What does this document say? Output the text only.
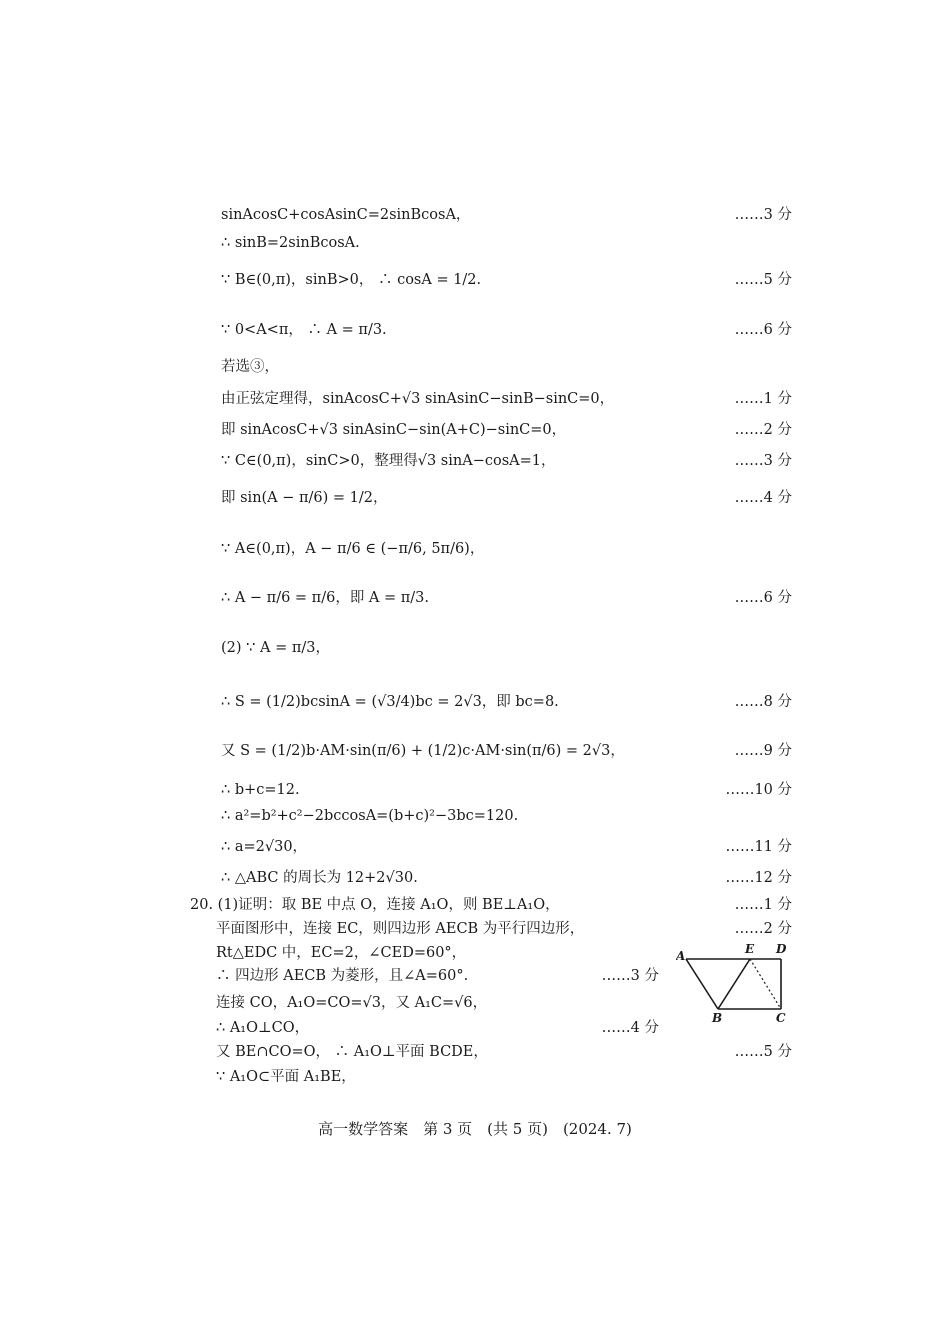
sinAcosC+cosAsinC=2sinBcosA，	……3 分
∴ sinB=2sinBcosA.
∵ B∈(0,π)，sinB>0， ∴ cosA = 1/2.	……5 分
∵ 0<A<π， ∴ A = π/3.	……6 分
若选③，
由正弦定理得，sinAcosC+√3 sinAsinC−sinB−sinC=0，	……1 分
即 sinAcosC+√3 sinAsinC−sin(A+C)−sinC=0，	……2 分
∵ C∈(0,π)，sinC>0，整理得√3 sinA−cosA=1，	……3 分
即 sin(A − π/6) = 1/2，	……4 分
∵ A∈(0,π)，A − π/6 ∈ (−π/6, 5π/6)，
∴ A − π/6 = π/6，即 A = π/3.	……6 分
(2) ∵ A = π/3，
∴ S = (1/2)bcsinA = (√3/4)bc = 2√3，即 bc=8.	……8 分
又 S = (1/2)b·AM·sin(π/6) + (1/2)c·AM·sin(π/6) = 2√3，	……9 分
∴ b+c=12.	……10 分
∴ a²=b²+c²−2bccosA=(b+c)²−3bc=120.
∴ a=2√30，	……11 分
∴ △ABC 的周长为 12+2√30.	……12 分
20. (1)证明：取 BE 中点 O，连接 A₁O，则 BE⊥A₁O，	……1 分
平面图形中，连接 EC，则四边形 AECB 为平行四边形，	……2 分
Rt△EDC 中，EC=2，∠CED=60°，
∴ 四边形 AECB 为菱形，且∠A=60°.	……3 分
连接 CO，A₁O=CO=√3，又 A₁C=√6，
∴ A₁O⊥CO，	……4 分
又 BE∩CO=O， ∴ A₁O⊥平面 BCDE，	……5 分
∵ A₁O⊂平面 A₁BE，
A	E D
B	C
高一数学答案　第 3 页　(共 5 页)　(2024. 7)
